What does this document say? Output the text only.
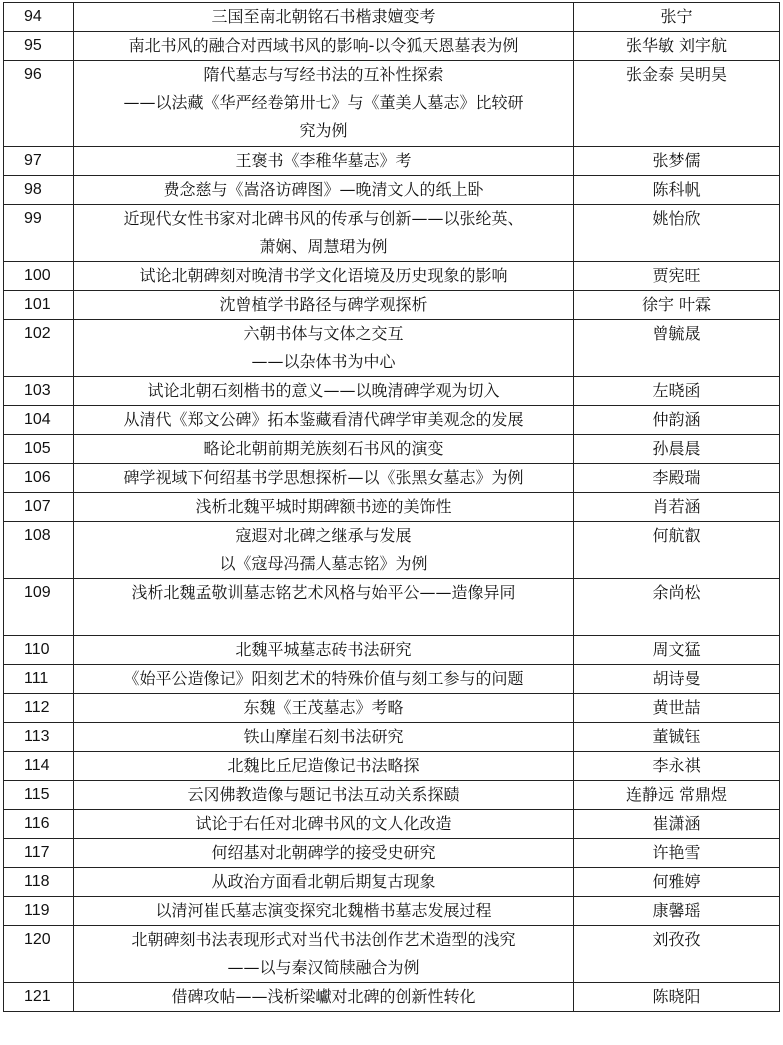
94	三国至南北朝铭石书楷隶嬗变考	张宁
95	南北书风的融合对西域书风的影响-以令狐天恩墓表为例	张华敏 刘宇航
96	隋代墓志与写经书法的互补性探索
——以法藏《华严经卷第卅七》与《董美人墓志》比较研
究为例	张金泰 吴明昊
97	王褒书《李稚华墓志》考	张梦儒
98	费念慈与《嵩洛访碑图》—晚清文人的纸上卧	陈科帆
99	近现代女性书家对北碑书风的传承与创新——以张纶英、
萧娴、周慧珺为例	姚怡欣
100	试论北朝碑刻对晚清书学文化语境及历史现象的影响	贾宪旺
101	沈曾植学书路径与碑学观探析	徐宇 叶霖
102	六朝书体与文体之交互
——以杂体书为中心	曾毓晟
103	试论北朝石刻楷书的意义——以晚清碑学观为切入	左晓函
104	从清代《郑文公碑》拓本鉴藏看清代碑学审美观念的发展	仲韵涵
105	略论北朝前期羌族刻石书风的演变	孙晨晨
106	碑学视域下何绍基书学思想探析—以《张黑女墓志》为例	李殿瑞
107	浅析北魏平城时期碑额书迹的美饰性	肖若涵
108	寇遐对北碑之继承与发展
以《寇母冯孺人墓志铭》为例	何航叡
109	浅析北魏孟敬训墓志铭艺术风格与始平公——造像异同	余尚松
110	北魏平城墓志砖书法研究	周文猛
111	《始平公造像记》阳刻艺术的特殊价值与刻工参与的问题	胡诗曼
112	东魏《王茂墓志》考略	黄世喆
113	铁山摩崖石刻书法研究	董铖钰
114	北魏比丘尼造像记书法略探	李永祺
115	云冈佛教造像与题记书法互动关系探赜	连静远 常鼎煜
116	试论于右任对北碑书风的文人化改造	崔潇涵
117	何绍基对北朝碑学的接受史研究	许艳雪
118	从政治方面看北朝后期复古现象	何雅婷
119	以清河崔氏墓志演变探究北魏楷书墓志发展过程	康馨瑶
120	北朝碑刻书法表现形式对当代书法创作艺术造型的浅究
——以与秦汉简牍融合为例	刘孜孜
121	借碑攻帖——浅析梁巘对北碑的创新性转化	陈晓阳
